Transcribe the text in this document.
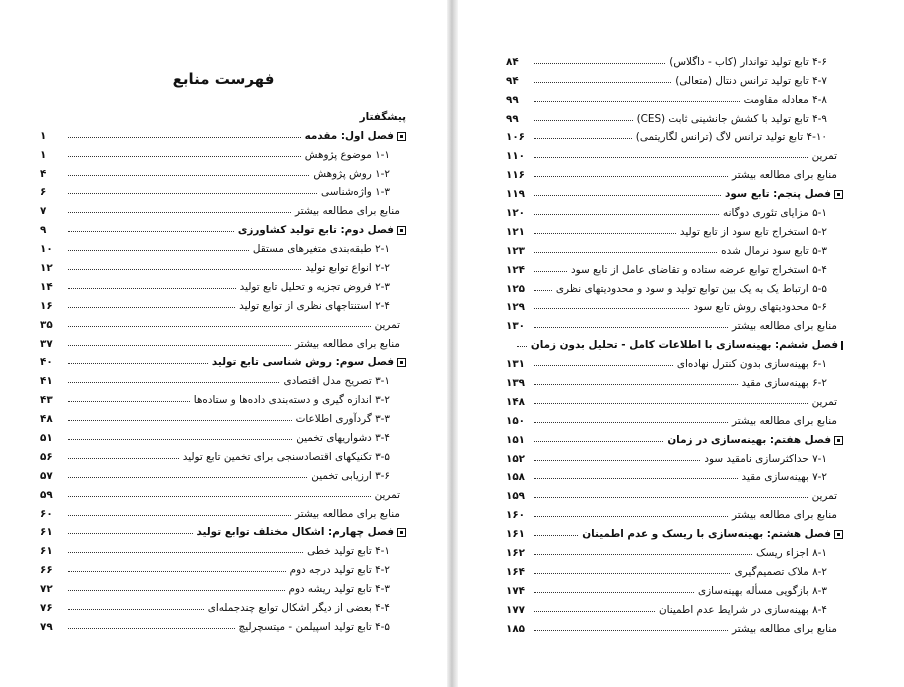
فهرست منابع
پیشگفتار
فصل اول: مقدمه
۱
۱-۱ موضوع پژوهش
۱
۱-۲ روش پژوهش
۴
۱-۳ واژه‌شناسی
۶
منابع برای مطالعه بیشتر
۷
فصل دوم: تابع تولید کشاورزی
۹
۲-۱ طبقه‌بندی متغیرهای مستقل
۱۰
۲-۲ انواع توابع تولید
۱۲
۲-۳ فروض تجزیه و تحلیل تابع تولید
۱۴
۲-۴ استنتاجهای نظری از توابع تولید
۱۶
تمرین
۳۵
منابع برای مطالعه بیشتر
۳۷
فصل سوم: روش شناسی تابع تولید
۴۰
۳-۱ تصریح مدل اقتصادی
۴۱
۳-۲ اندازه گیری و دسته‌بندی داده‌ها و ستاده‌ها
۴۳
۳-۳ گردآوری اطلاعات
۴۸
۳-۴ دشواریهای تخمین
۵۱
۳-۵ تکنیکهای اقتصادسنجی برای تخمین تابع تولید
۵۶
۳-۶ ارزیابی تخمین
۵۷
تمرین
۵۹
منابع برای مطالعه بیشتر
۶۰
فصل چهارم: اشکال مختلف توابع تولید
۶۱
۴-۱ تابع تولید خطی
۶۱
۴-۲ تابع تولید درجه دوم
۶۶
۴-۳ تابع تولید ریشه دوم
۷۲
۴-۴ بعضی از دیگر اشکال توابع چندجمله‌ای
۷۶
۴-۵ تابع تولید اسپیلمن - میتسچرلیچ
۷۹
۴-۶ تابع تولید تواندار (کاب - داگلاس)
۸۴
۴-۷ تابع تولید ترانس دنتال (متعالی)
۹۴
۴-۸ معادله مقاومت
۹۹
۴-۹ تابع تولید با کشش جانشینی ثابت (CES)
۹۹
۴-۱۰ تابع تولید ترانس لاگ (ترانس لگاریتمی)
۱۰۶
تمرین
۱۱۰
منابع برای مطالعه بیشتر
۱۱۶
فصل پنجم: تابع سود
۱۱۹
۵-۱ مزایای تئوری دوگانه
۱۲۰
۵-۲ استخراج تابع سود از تابع تولید
۱۲۱
۵-۳ تابع سود نرمال شده
۱۲۳
۵-۴ استخراج توابع عرضه ستاده و تقاضای عامل از تابع سود
۱۲۴
۵-۵ ارتباط یک به یک بین توابع تولید و سود و محدودیتهای نظری
۱۲۵
۵-۶ محدودیتهای روش تابع سود
۱۲۹
منابع برای مطالعه بیشتر
۱۳۰
فصل ششم: بهینه‌سازی با اطلاعات کامل - تحلیل بدون زمان
۶-۱ بهینه‌سازی بدون کنترل نهاده‌ای
۱۳۱
۶-۲ بهینه‌سازی مقید
۱۳۹
تمرین
۱۴۸
منابع برای مطالعه بیشتر
۱۵۰
فصل هفتم: بهینه‌سازی در زمان
۱۵۱
۷-۱ حداکثرسازی نامقید سود
۱۵۲
۷-۲ بهینه‌سازی مقید
۱۵۸
تمرین
۱۵۹
منابع برای مطالعه بیشتر
۱۶۰
فصل هشتم: بهینه‌سازی با ریسک و عدم اطمینان
۱۶۱
۸-۱ اجزاء ریسک
۱۶۲
۸-۲ ملاک تصمیم‌گیری
۱۶۴
۸-۳ بازگویی مسأله بهینه‌سازی
۱۷۴
۸-۴ بهینه‌سازی در شرایط عدم اطمینان
۱۷۷
منابع برای مطالعه بیشتر
۱۸۵
